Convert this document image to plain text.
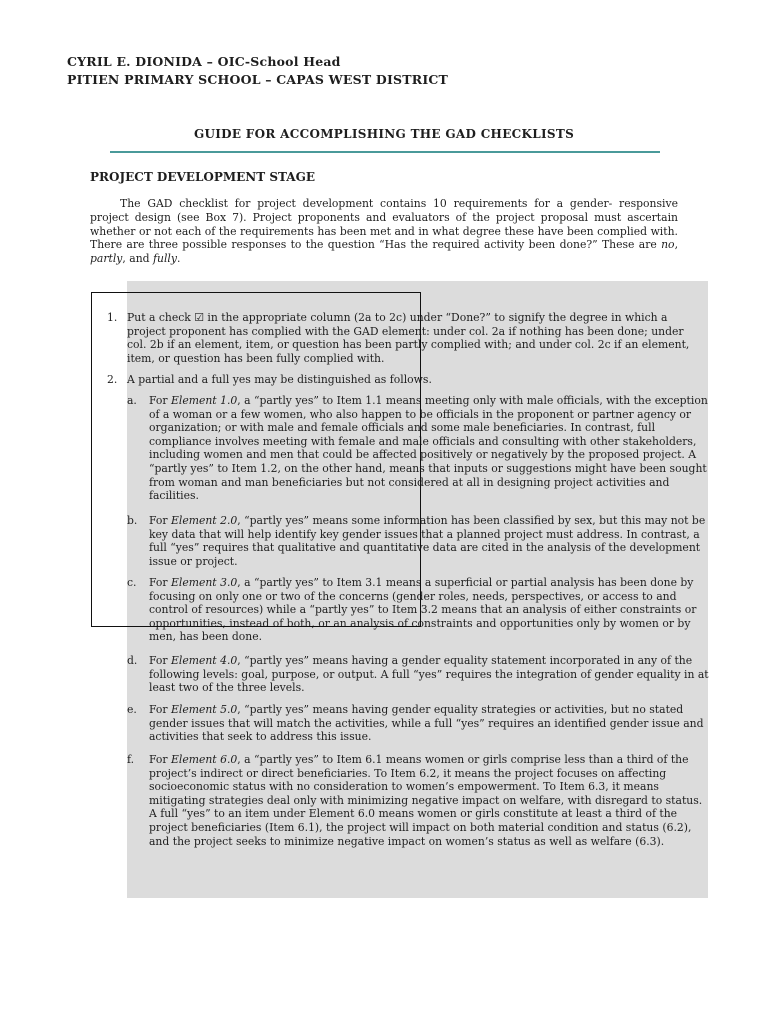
CYRIL E. DIONIDA – OIC-School Head
PITIEN PRIMARY SCHOOL – CAPAS WEST DISTRICT
GUIDE FOR ACCOMPLISHING THE GAD CHECKLISTS
PROJECT DEVELOPMENT STAGE

The GAD checklist for project development contains 10 requirements for a gender- responsive project design (see Box 7). Project proponents and evaluators of the project proposal must ascertain whether or not each of the requirements has been met and in what degree these have been complied with. There are three possible responses to the question “Has the required activity been done?” These are no, partly, and fully.

1. Put a check ☑ in the appropriate column (2a to 2c) under “Done?” to signify the degree in which a project proponent has complied with the GAD element: under col. 2a if nothing has been done; under col. 2b if an element, item, or question has been partly complied with; and under col. 2c if an element, item, or question has been fully complied with.
2. A partial and a full yes may be distinguished as follows.
a. For Element 1.0, a “partly yes” to Item 1.1 means meeting only with male officials, with the exception of a woman or a few women, who also happen to be officials in the proponent or partner agency or organization; or with male and female officials and some male beneficiaries. In contrast, full compliance involves meeting with female and male officials and consulting with other stakeholders, including women and men that could be affected positively or negatively by the proposed project. A “partly yes” to Item 1.2, on the other hand, means that inputs or suggestions might have been sought from woman and man beneficiaries but not considered at all in designing project activities and facilities.
b. For Element 2.0, “partly yes” means some information has been classified by sex, but this may not be key data that will help identify key gender issues that a planned project must address. In contrast, a full “yes” requires that qualitative and quantitative data are cited in the analysis of the development issue or project.
c. For Element 3.0, a “partly yes” to Item 3.1 means a superficial or partial analysis has been done by focusing on only one or two of the concerns (gender roles, needs, perspectives, or access to and control of resources) while a “partly yes” to Item 3.2 means that an analysis of either constraints or opportunities, instead of both, or an analysis of constraints and opportunities only by women or by men, has been done.
d. For Element 4.0, “partly yes” means having a gender equality statement incorporated in any of the following levels: goal, purpose, or output. A full “yes” requires the integration of gender equality in at least two of the three levels.
e. For Element 5.0, “partly yes” means having gender equality strategies or activities, but no stated gender issues that will match the activities, while a full “yes” requires an identified gender issue and activities that seek to address this issue.
f. For Element 6.0, a “partly yes” to Item 6.1 means women or girls comprise less than a third of the project’s indirect or direct beneficiaries. To Item 6.2, it means the project focuses on affecting socioeconomic status with no consideration to women’s empowerment. To Item 6.3, it means mitigating strategies deal only with minimizing negative impact on welfare, with disregard to status. A full “yes” to an item under Element 6.0 means women or girls constitute at least a third of the project beneficiaries (Item 6.1), the project will impact on both material condition and status (6.2), and the project seeks to minimize negative impact on women’s status as well as welfare (6.3).
